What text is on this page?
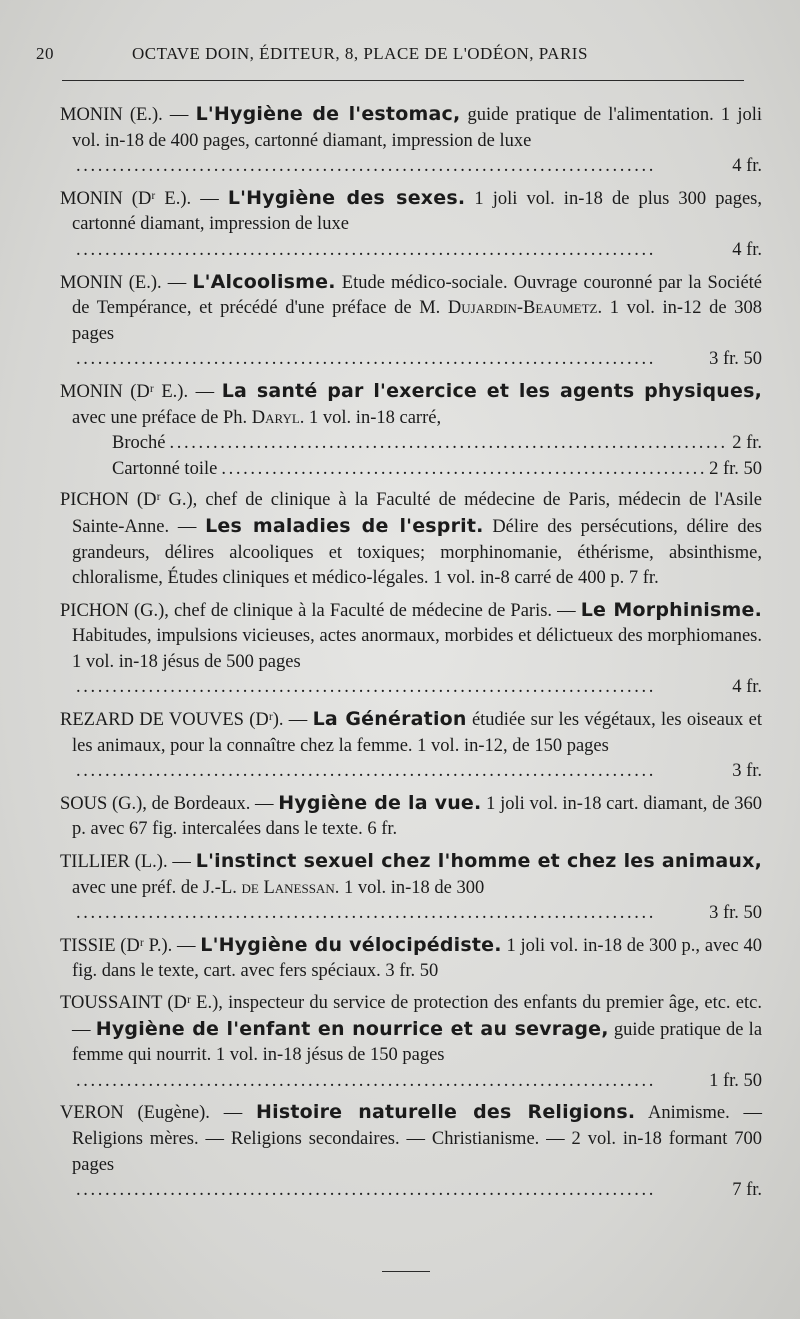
20	OCTAVE DOIN, ÉDITEUR, 8, PLACE DE L'ODÉON, PARIS

MONIN (E.). — L'Hygiène de l'estomac, guide pratique de l'alimentation. 1 joli vol. in-18 de 400 pages, cartonné diamant, impression de luxe

. . .
4 fr.

MONIN (Dʳ E.). — L'Hygiène des sexes. 1 joli vol. in-18 de plus 300 pages, cartonné diamant, impression de luxe

. . .
4 fr.

MONIN (E.). — L'Alcoolisme. Etude médico-sociale. Ouvrage couronné par la Société de Tempérance, et précédé d'une préface de M. Dujardin-Beaumetz. 1 vol. in-12 de 308 pages

. . .
3 fr. 50

MONIN (Dʳ E.). — La santé par l'exercice et les agents physiques, avec une préface de Ph. Daryl. 1 vol. in-18 carré,

Broché . . .	2 fr.
Cartonné toile . . .	2 fr. 50

PICHON (Dʳ G.), chef de clinique à la Faculté de médecine de Paris, médecin de l'Asile Sainte-Anne. — Les maladies de l'esprit. Délire des persécutions, délire des grandeurs, délires alcooliques et toxiques; morphinomanie, éthérisme, absinthisme, chloralisme, Études cliniques et médico-légales. 1 vol. in-8 carré de 400 p. 7 fr.

PICHON (G.), chef de clinique à la Faculté de médecine de Paris. — Le Morphinisme. Habitudes, impulsions vicieuses, actes anormaux, morbides et délictueux des morphiomanes. 1 vol. in-18 jésus de 500 pages

. . .
4 fr.

REZARD DE VOUVES (Dʳ). — La Génération étudiée sur les végétaux, les oiseaux et les animaux, pour la connaître chez la femme. 1 vol. in-12, de 150 pages

. . .
3 fr.

SOUS (G.), de Bordeaux. — Hygiène de la vue. 1 joli vol. in-18 cart. diamant, de 360 p. avec 67 fig. intercalées dans le texte. 6 fr.

TILLIER (L.). — L'instinct sexuel chez l'homme et chez les animaux, avec une préf. de J.-L. de Lanessan. 1 vol. in-18 de 300

. . .
3 fr. 50

TISSIE (Dʳ P.). — L'Hygiène du vélocipédiste. 1 joli vol. in-18 de 300 p., avec 40 fig. dans le texte, cart. avec fers spéciaux. 3 fr. 50

TOUSSAINT (Dʳ E.), inspecteur du service de protection des enfants du premier âge, etc. etc. — Hygiène de l'enfant en nourrice et au sevrage, guide pratique de la femme qui nourrit. 1 vol. in-18 jésus de 150 pages

. . .
1 fr. 50

VERON (Eugène). — Histoire naturelle des Religions. Animisme. — Religions mères. — Religions secondaires. — Christianisme. — 2 vol. in-18 formant 700 pages

. . .
7 fr.
